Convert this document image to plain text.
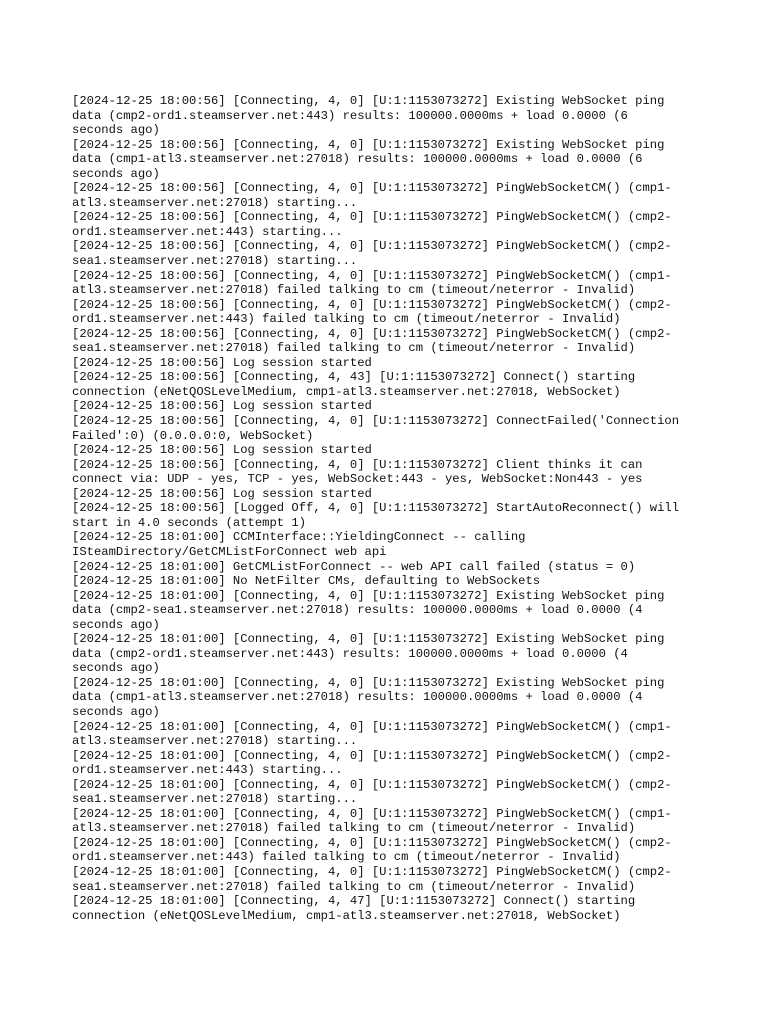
[2024-12-25 18:00:56] [Connecting, 4, 0] [U:1:1153073272] Existing WebSocket ping
data (cmp2-ord1.steamserver.net:443) results: 100000.0000ms + load 0.0000 (6
seconds ago)

[2024-12-25 18:00:56] [Connecting, 4, 0] [U:1:1153073272] Existing WebSocket ping
data (cmp1-atl3.steamserver.net:27018) results: 100000.0000ms + load 0.0000 (6
seconds ago)

[2024-12-25 18:00:56] [Connecting, 4, 0] [U:1:1153073272] PingWebSocketCM() (cmp1-
atl3.steamserver.net:27018) starting...

[2024-12-25 18:00:56] [Connecting, 4, 0] [U:1:1153073272] PingWebSocketCM() (cmp2-
ord1.steamserver.net:443) starting...

[2024-12-25 18:00:56] [Connecting, 4, 0] [U:1:1153073272] PingWebSocketCM() (cmp2-
sea1.steamserver.net:27018) starting...

[2024-12-25 18:00:56] [Connecting, 4, 0] [U:1:1153073272] PingWebSocketCM() (cmp1-
atl3.steamserver.net:27018) failed talking to cm (timeout/neterror - Invalid)

[2024-12-25 18:00:56] [Connecting, 4, 0] [U:1:1153073272] PingWebSocketCM() (cmp2-
ord1.steamserver.net:443) failed talking to cm (timeout/neterror - Invalid)

[2024-12-25 18:00:56] [Connecting, 4, 0] [U:1:1153073272] PingWebSocketCM() (cmp2-
sea1.steamserver.net:27018) failed talking to cm (timeout/neterror - Invalid)

[2024-12-25 18:00:56] Log session started

[2024-12-25 18:00:56] [Connecting, 4, 43] [U:1:1153073272] Connect() starting
connection (eNetQOSLevelMedium, cmp1-atl3.steamserver.net:27018, WebSocket)

[2024-12-25 18:00:56] Log session started

[2024-12-25 18:00:56] [Connecting, 4, 0] [U:1:1153073272] ConnectFailed('Connection
Failed':0) (0.0.0.0:0, WebSocket)

[2024-12-25 18:00:56] Log session started

[2024-12-25 18:00:56] [Connecting, 4, 0] [U:1:1153073272] Client thinks it can
connect via: UDP - yes, TCP - yes, WebSocket:443 - yes, WebSocket:Non443 - yes

[2024-12-25 18:00:56] Log session started

[2024-12-25 18:00:56] [Logged Off, 4, 0] [U:1:1153073272] StartAutoReconnect() will
start in 4.0 seconds (attempt 1)

[2024-12-25 18:01:00] CCMInterface::YieldingConnect -- calling
ISteamDirectory/GetCMListForConnect web api

[2024-12-25 18:01:00] GetCMListForConnect -- web API call failed (status = 0)

[2024-12-25 18:01:00] No NetFilter CMs, defaulting to WebSockets

[2024-12-25 18:01:00] [Connecting, 4, 0] [U:1:1153073272] Existing WebSocket ping
data (cmp2-sea1.steamserver.net:27018) results: 100000.0000ms + load 0.0000 (4
seconds ago)

[2024-12-25 18:01:00] [Connecting, 4, 0] [U:1:1153073272] Existing WebSocket ping
data (cmp2-ord1.steamserver.net:443) results: 100000.0000ms + load 0.0000 (4
seconds ago)

[2024-12-25 18:01:00] [Connecting, 4, 0] [U:1:1153073272] Existing WebSocket ping
data (cmp1-atl3.steamserver.net:27018) results: 100000.0000ms + load 0.0000 (4
seconds ago)

[2024-12-25 18:01:00] [Connecting, 4, 0] [U:1:1153073272] PingWebSocketCM() (cmp1-
atl3.steamserver.net:27018) starting...

[2024-12-25 18:01:00] [Connecting, 4, 0] [U:1:1153073272] PingWebSocketCM() (cmp2-
ord1.steamserver.net:443) starting...

[2024-12-25 18:01:00] [Connecting, 4, 0] [U:1:1153073272] PingWebSocketCM() (cmp2-
sea1.steamserver.net:27018) starting...

[2024-12-25 18:01:00] [Connecting, 4, 0] [U:1:1153073272] PingWebSocketCM() (cmp1-
atl3.steamserver.net:27018) failed talking to cm (timeout/neterror - Invalid)

[2024-12-25 18:01:00] [Connecting, 4, 0] [U:1:1153073272] PingWebSocketCM() (cmp2-
ord1.steamserver.net:443) failed talking to cm (timeout/neterror - Invalid)

[2024-12-25 18:01:00] [Connecting, 4, 0] [U:1:1153073272] PingWebSocketCM() (cmp2-
sea1.steamserver.net:27018) failed talking to cm (timeout/neterror - Invalid)

[2024-12-25 18:01:00] [Connecting, 4, 47] [U:1:1153073272] Connect() starting
connection (eNetQOSLevelMedium, cmp1-atl3.steamserver.net:27018, WebSocket)
